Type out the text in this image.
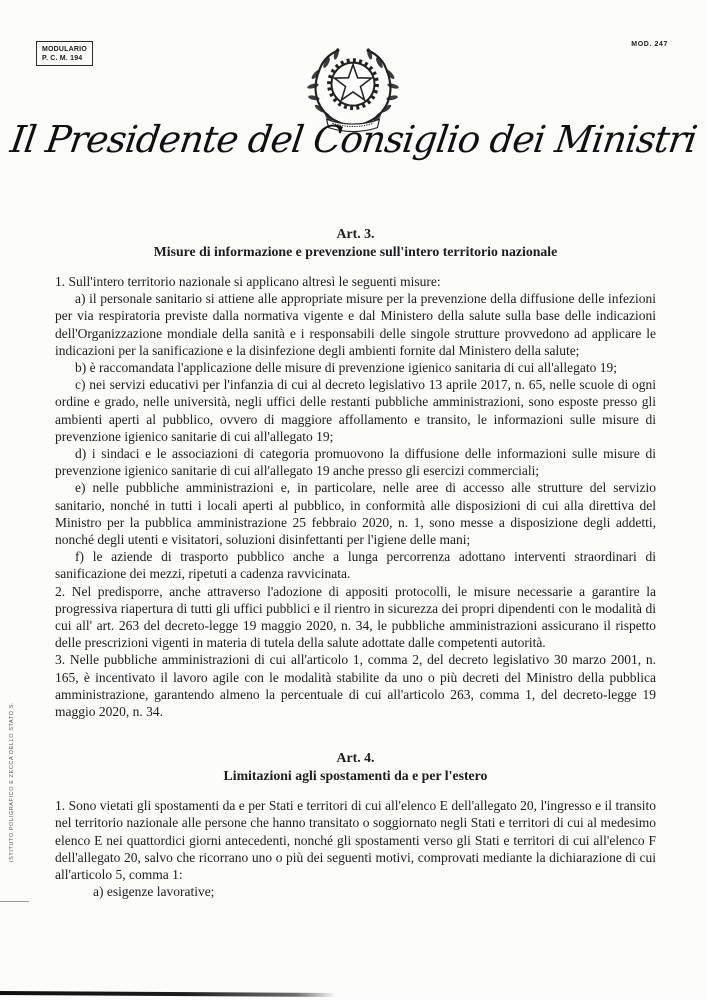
MODULARIO
P. C. M. 194
MOD. 247
Il Presidente del Consiglio dei Ministri
Art. 3.
Misure di informazione e prevenzione sull'intero territorio nazionale

1. Sull'intero territorio nazionale si applicano altresì le seguenti misure:

a) il personale sanitario si attiene alle appropriate misure per la prevenzione della diffusione delle infezioni per via respiratoria previste dalla normativa vigente e dal Ministero della salute sulla base delle indicazioni dell'Organizzazione mondiale della sanità e i responsabili delle singole strutture provvedono ad applicare le indicazioni per la sanificazione e la disinfezione degli ambienti fornite dal Ministero della salute;

b) è raccomandata l'applicazione delle misure di prevenzione igienico sanitaria di cui all'allegato 19;

c) nei servizi educativi per l'infanzia di cui al decreto legislativo 13 aprile 2017, n. 65, nelle scuole di ogni ordine e grado, nelle università, negli uffici delle restanti pubbliche amministrazioni, sono esposte presso gli ambienti aperti al pubblico, ovvero di maggiore affollamento e transito, le informazioni sulle misure di prevenzione igienico sanitarie di cui all'allegato 19;

d) i sindaci e le associazioni di categoria promuovono la diffusione delle informazioni sulle misure di prevenzione igienico sanitarie di cui all'allegato 19 anche presso gli esercizi commerciali;

e) nelle pubbliche amministrazioni e, in particolare, nelle aree di accesso alle strutture del servizio sanitario, nonché in tutti i locali aperti al pubblico, in conformità alle disposizioni di cui alla direttiva del Ministro per la pubblica amministrazione 25 febbraio 2020, n. 1, sono messe a disposizione degli addetti, nonché degli utenti e visitatori, soluzioni disinfettanti per l'igiene delle mani;

f) le aziende di trasporto pubblico anche a lunga percorrenza adottano interventi straordinari di sanificazione dei mezzi, ripetuti a cadenza ravvicinata.

2. Nel predisporre, anche attraverso l'adozione di appositi protocolli, le misure necessarie a garantire la progressiva riapertura di tutti gli uffici pubblici e il rientro in sicurezza dei propri dipendenti con le modalità di cui all' art. 263 del decreto-legge 19 maggio 2020, n. 34, le pubbliche amministrazioni assicurano il rispetto delle prescrizioni vigenti in materia di tutela della salute adottate dalle competenti autorità.

3. Nelle pubbliche amministrazioni di cui all'articolo 1, comma 2, del decreto legislativo 30 marzo 2001, n. 165, è incentivato il lavoro agile con le modalità stabilite da uno o più decreti del Ministro della pubblica amministrazione, garantendo almeno la percentuale di cui all'articolo 263, comma 1, del decreto-legge 19 maggio 2020, n. 34.

Art. 4.
Limitazioni agli spostamenti da e per l'estero

1. Sono vietati gli spostamenti da e per Stati e territori di cui all'elenco E dell'allegato 20, l'ingresso e il transito nel territorio nazionale alle persone che hanno transitato o soggiornato negli Stati e territori di cui al medesimo elenco E nei quattordici giorni antecedenti, nonché gli spostamenti verso gli Stati e territori di cui all'elenco F dell'allegato 20, salvo che ricorrano uno o più dei seguenti motivi, comprovati mediante la dichiarazione di cui all'articolo 5, comma 1:

a) esigenze lavorative;

ISTITUTO POLIGRAFICO E ZECCA DELLO STATO S.
